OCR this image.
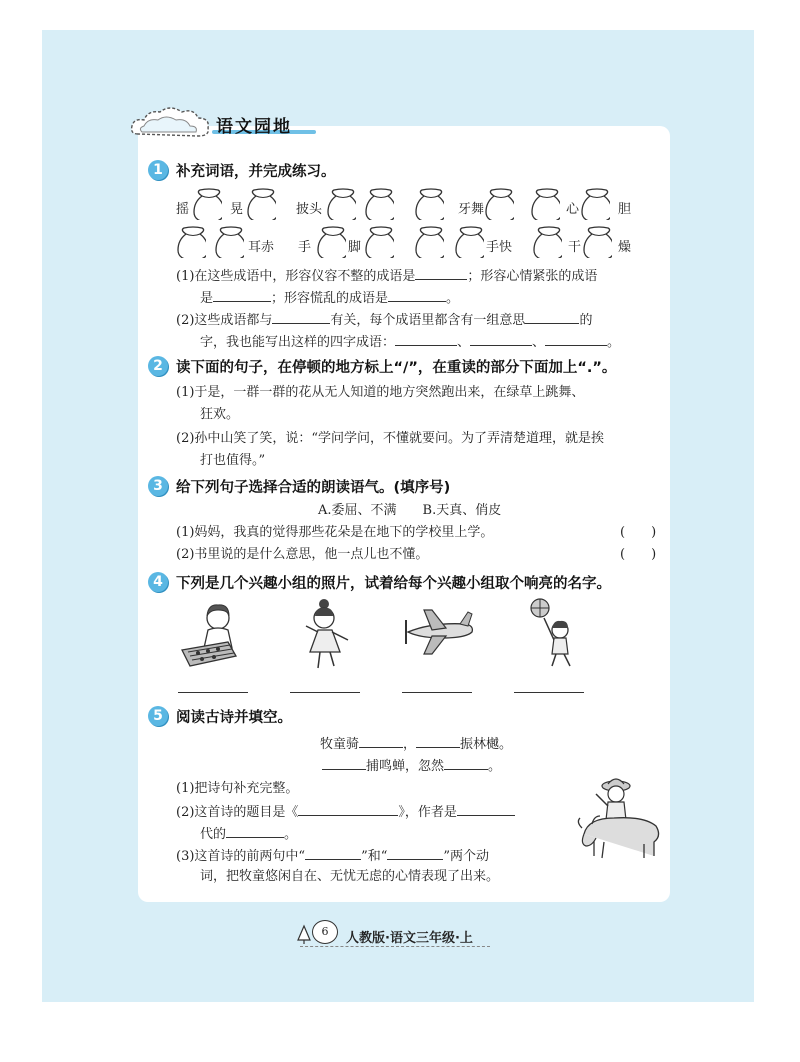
语文园地
1 补充词语，并完成练习。
摇	晃	披头	牙舞	心	胆
耳赤 手	脚	手快	干	燥
(1)在这些成语中，形容仪容不整的成语是	；形容心情紧张的成语
是	；形容慌乱的成语是	。
(2)这些成语都与	有关，每个成语里都含有一组意思	的
字，我也能写出这样的四字成语：	、	、	。
2 读下面的句子，在停顿的地方标上“/”，在重读的部分下面加上“.”。
(1)于是，一群一群的花从无人知道的地方突然跑出来，在绿草上跳舞、
狂欢。
(2)孙中山笑了笑，说：“学问学问，不懂就要问。为了弄清楚道理，就是挨
打也值得。”
3 给下列句子选择合适的朗读语气。(填序号)
A.委屈、不满　　B.天真、俏皮
(1)妈妈，我真的觉得那些花朵是在地下的学校里上学。	(　　)
(2)书里说的是什么意思，他一点儿也不懂。	(　　)
4 下列是几个兴趣小组的照片，试着给每个兴趣小组取个响亮的名字。
5 阅读古诗并填空。
牧童骑	，	振林樾。
捕鸣蝉，忽然	。
(1)把诗句补充完整。
(2)这首诗的题目是《	》，作者是
代的	。
(3)这首诗的前两句中“	”和“	”两个动
词，把牧童悠闲自在、无忧无虑的心情表现了出来。
6	人教版·语文三年级·上
